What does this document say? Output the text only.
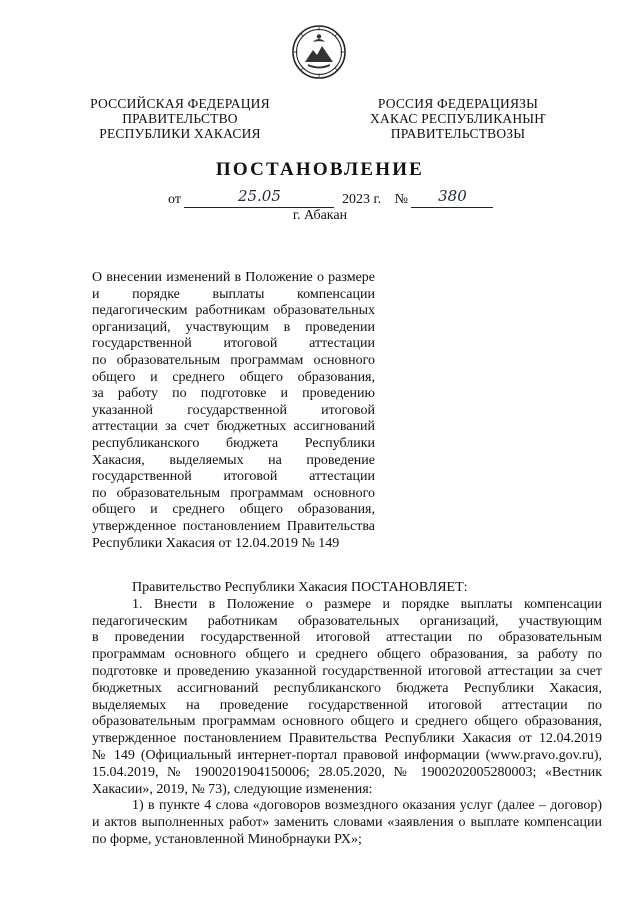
РОССИЙСКАЯ ФЕДЕРАЦИЯ
ПРАВИТЕЛЬСТВО
РЕСПУБЛИКИ ХАКАСИЯ
РОССИЯ ФЕДЕРАЦИЯЗЫ
ХАКАС РЕСПУБЛИКАНЫҤ
ПРАВИТЕЛЬСТВОЗЫ
ПОСТАНОВЛЕНИЕ
от	25.05	2023 г. № 380
г. Абакан
О внесении изменений в Положение о размере
и порядке выплаты компенсации
педагогическим работникам образовательных
организаций, участвующим в проведении
государственной итоговой аттестации
по образовательным программам основного
общего и среднего общего образования,
за работу по подготовке и проведению
указанной государственной итоговой
аттестации за счет бюджетных ассигнований
республиканского бюджета Республики
Хакасия, выделяемых на проведение
государственной итоговой аттестации
по образовательным программам основного
общего и среднего общего образования,
утвержденное постановлением Правительства
Республики Хакасия от 12.04.2019 № 149
Правительство Республики Хакасия ПОСТАНОВЛЯЕТ:
1. Внести в Положение о размере и порядке выплаты компенсации
педагогическим работникам образовательных организаций, участвующим
в проведении государственной итоговой аттестации по образовательным
программам основного общего и среднего общего образования, за работу по
подготовке и проведению указанной государственной итоговой аттестации за счет
бюджетных ассигнований республиканского бюджета Республики Хакасия,
выделяемых на проведение государственной итоговой аттестации по
образовательным программам основного общего и среднего общего образования,
утвержденное постановлением Правительства Республики Хакасия от 12.04.2019
№ 149 (Официальный интернет-портал правовой информации (www.pravo.gov.ru),
15.04.2019, № 1900201904150006; 28.05.2020, № 1900202005280003; «Вестник
Хакасии», 2019, № 73), следующие изменения:
1) в пункте 4 слова «договоров возмездного оказания услуг (далее – договор)
и актов выполненных работ» заменить словами «заявления о выплате компенсации
по форме, установленной Минобрнауки РХ»;
